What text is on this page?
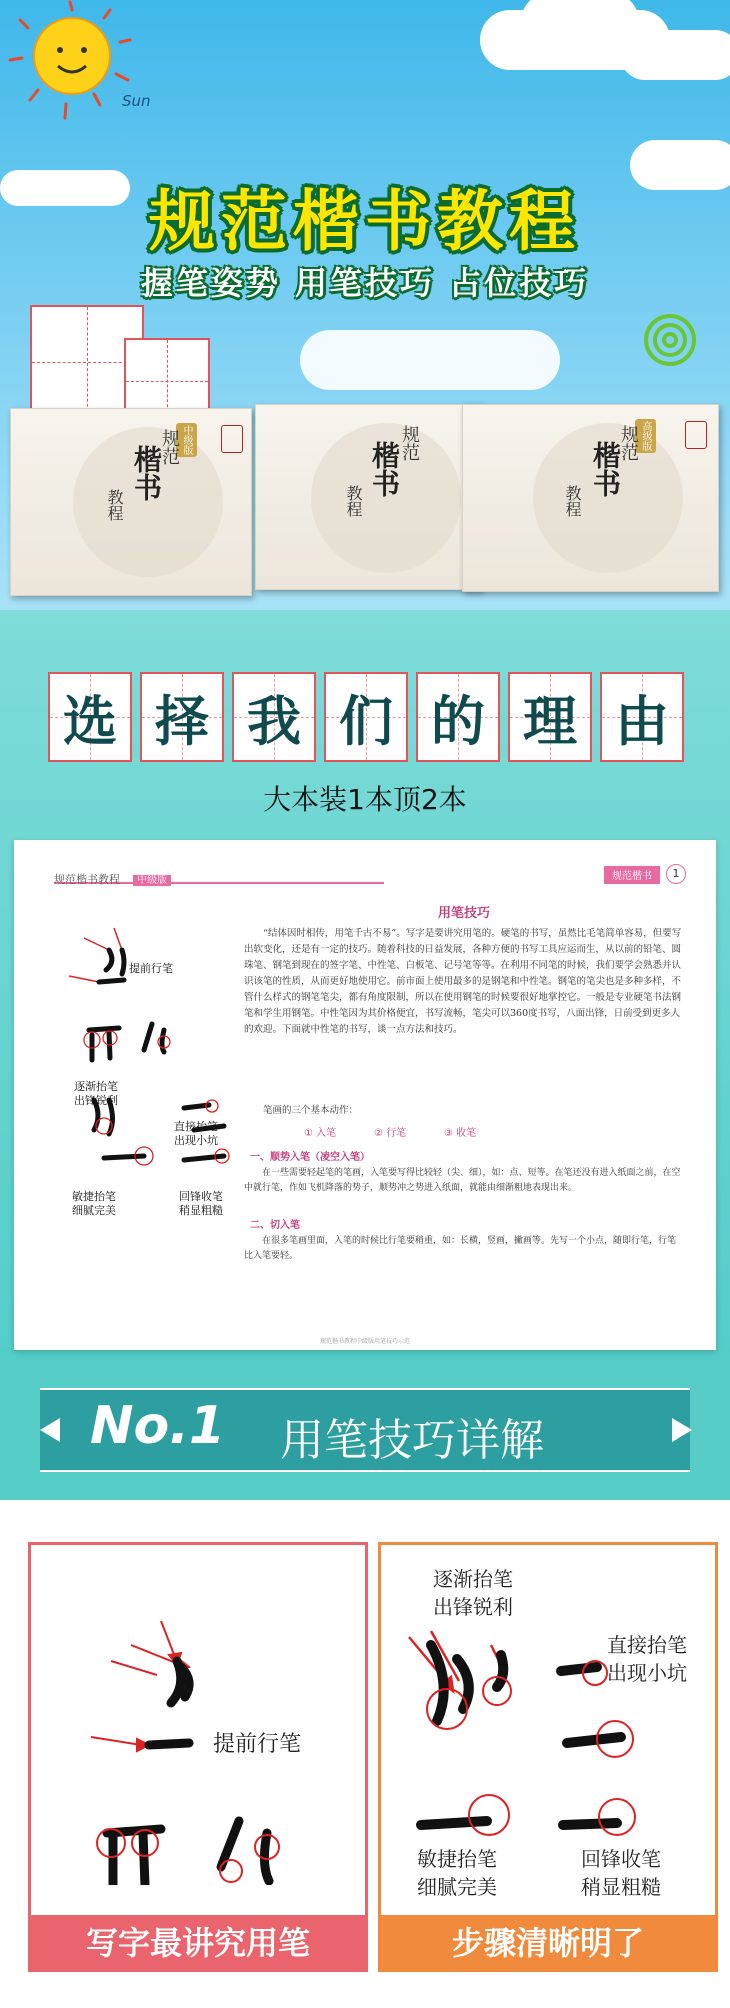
Sun
规范楷书教程
握笔姿势 用笔技巧 占位技巧
中级版
规范
楷书
教程
规范
楷书
教程
高级版
规范
楷书
教程
选 择 我 们 的 理 由
大本装1本顶2本
规范楷书教程 中级版	规范楷书	1
提前行笔
逐渐抬笔
出锋锐利
直接抬笔
出现小坑
敏捷抬笔
细腻完美
回锋收笔
稍显粗糙
用笔技巧
“结体因时相传，用笔千古不易”。写字是要讲究用笔的。硬笔的书写，虽然比毛笔简单容易，但要写出软变化，还是有一定的技巧。随着科技的日益发展，各种方便的书写工具应运而生，从以前的铅笔、圆珠笔、钢笔到现在的签字笔、中性笔、白板笔、记号笔等等。在利用不同笔的时候，我们要学会熟悉并认识该笔的性质，从而更好地使用它。前市面上使用最多的是钢笔和中性笔。钢笔的笔尖也是多种多样，不管什么样式的钢笔笔尖，都有角度限制，所以在使用钢笔的时候要很好地掌控它。一般是专业硬笔书法钢笔和学生用钢笔。中性笔因为其价格便宜，书写流畅，笔尖可以360度书写，八面出锋，日前受到更多人的欢迎。下面就中性笔的书写，谈一点方法和技巧。
笔画的三个基本动作：
① 入笔	② 行笔	③ 收笔
一、顺势入笔（凌空入笔）
在一些需要轻起笔的笔画，入笔要写得比较轻（尖、细），如：点、短等。在笔还没有进入纸面之前，在空中就行笔，作如飞机降落的势子，顺势冲之势进入纸面，就能由细渐粗地表现出来。
二、切入笔
在很多笔画里面，入笔的时候比行笔要稍重，如：长横，竖画，撇画等。先写一个小点，随即行笔，行笔比入笔要轻。
规范楷书教程中级版用笔技巧示范
No.1 用笔技巧详解
提前行笔
写字最讲究用笔
逐渐抬笔
出锋锐利
直接抬笔
出现小坑
敏捷抬笔
细腻完美
回锋收笔
稍显粗糙
步骤清晰明了
